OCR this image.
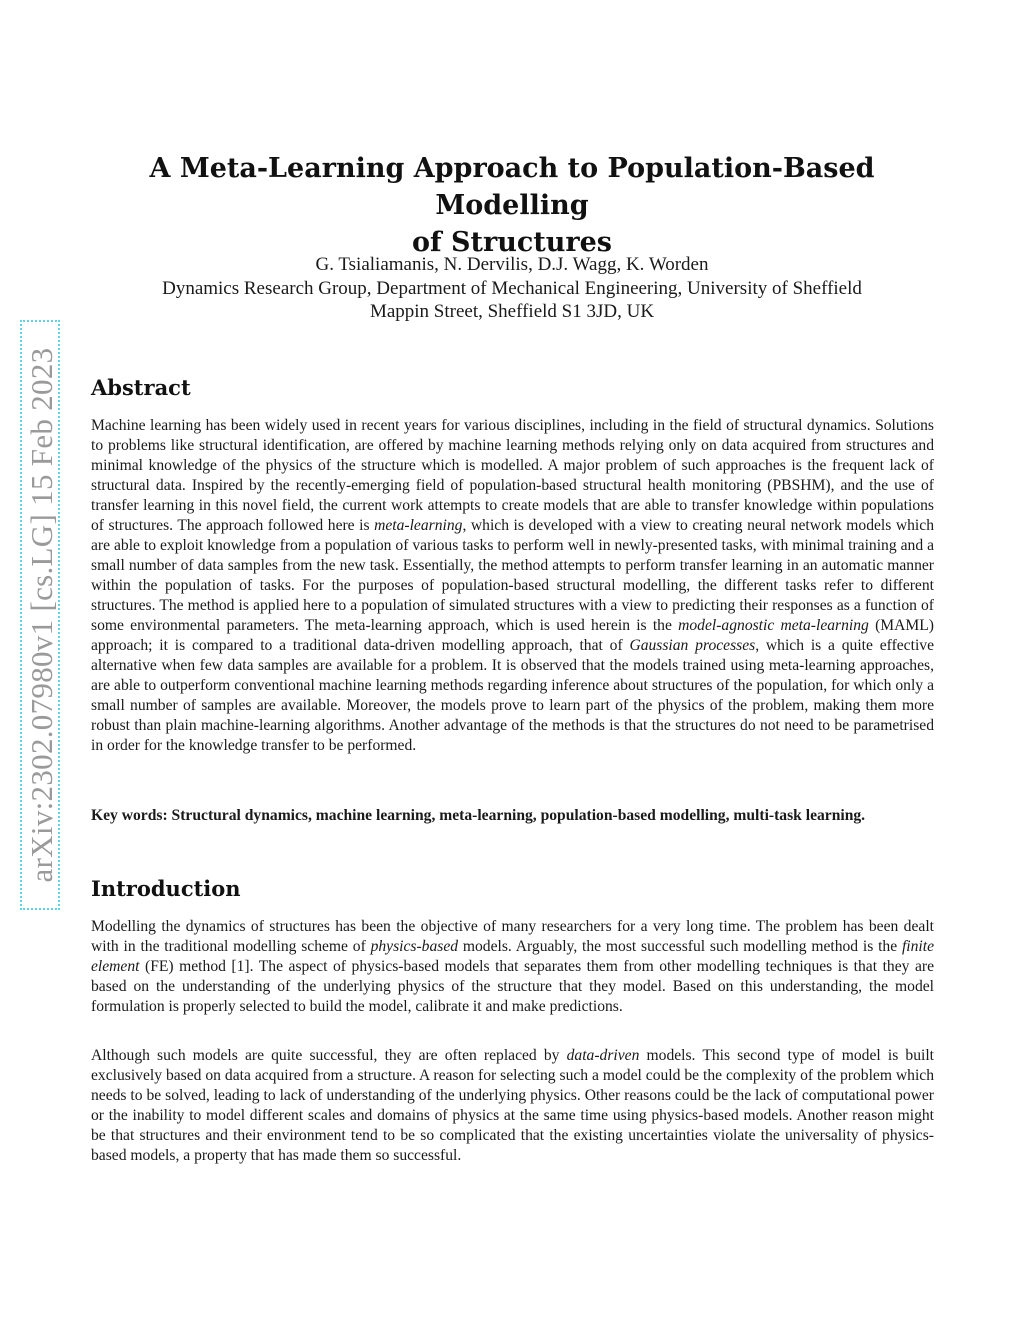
arXiv:2302.07980v1 [cs.LG] 15 Feb 2023
A Meta-Learning Approach to Population-Based Modelling
of Structures
G. Tsialiamanis, N. Dervilis, D.J. Wagg, K. Worden
Dynamics Research Group, Department of Mechanical Engineering, University of Sheffield
Mappin Street, Sheffield S1 3JD, UK
Abstract
Machine learning has been widely used in recent years for various disciplines, including in the field of structural dynamics. Solutions to problems like structural identification, are offered by machine learning methods relying only on data acquired from structures and minimal knowledge of the physics of the structure which is modelled. A major problem of such approaches is the frequent lack of structural data. Inspired by the recently-emerging field of population-based structural health monitoring (PBSHM), and the use of transfer learning in this novel field, the current work attempts to create models that are able to transfer knowledge within populations of structures. The approach followed here is meta-learning, which is developed with a view to creating neural network models which are able to exploit knowledge from a population of various tasks to perform well in newly-presented tasks, with minimal training and a small number of data samples from the new task. Essentially, the method attempts to perform transfer learning in an automatic manner within the population of tasks. For the purposes of population-based structural modelling, the different tasks refer to different structures. The method is applied here to a population of simulated structures with a view to predicting their responses as a function of some environmental parameters. The meta-learning approach, which is used herein is the model-agnostic meta-learning (MAML) approach; it is compared to a traditional data-driven modelling approach, that of Gaussian processes, which is a quite effective alternative when few data samples are available for a problem. It is observed that the models trained using meta-learning approaches, are able to outperform conventional machine learning methods regarding inference about structures of the population, for which only a small number of samples are available. Moreover, the models prove to learn part of the physics of the problem, making them more robust than plain machine-learning algorithms. Another advantage of the methods is that the structures do not need to be parametrised in order for the knowledge transfer to be performed.
Key words: Structural dynamics, machine learning, meta-learning, population-based modelling, multi-task learning.
Introduction
Modelling the dynamics of structures has been the objective of many researchers for a very long time. The problem has been dealt with in the traditional modelling scheme of physics-based models. Arguably, the most successful such modelling method is the finite element (FE) method [1]. The aspect of physics-based models that separates them from other modelling techniques is that they are based on the understanding of the underlying physics of the structure that they model. Based on this understanding, the model formulation is properly selected to build the model, calibrate it and make predictions.
Although such models are quite successful, they are often replaced by data-driven models. This second type of model is built exclusively based on data acquired from a structure. A reason for selecting such a model could be the complexity of the problem which needs to be solved, leading to lack of understanding of the underlying physics. Other reasons could be the lack of computational power or the inability to model different scales and domains of physics at the same time using physics-based models. Another reason might be that structures and their environment tend to be so complicated that the existing uncertainties violate the universality of physics-based models, a property that has made them so successful.
